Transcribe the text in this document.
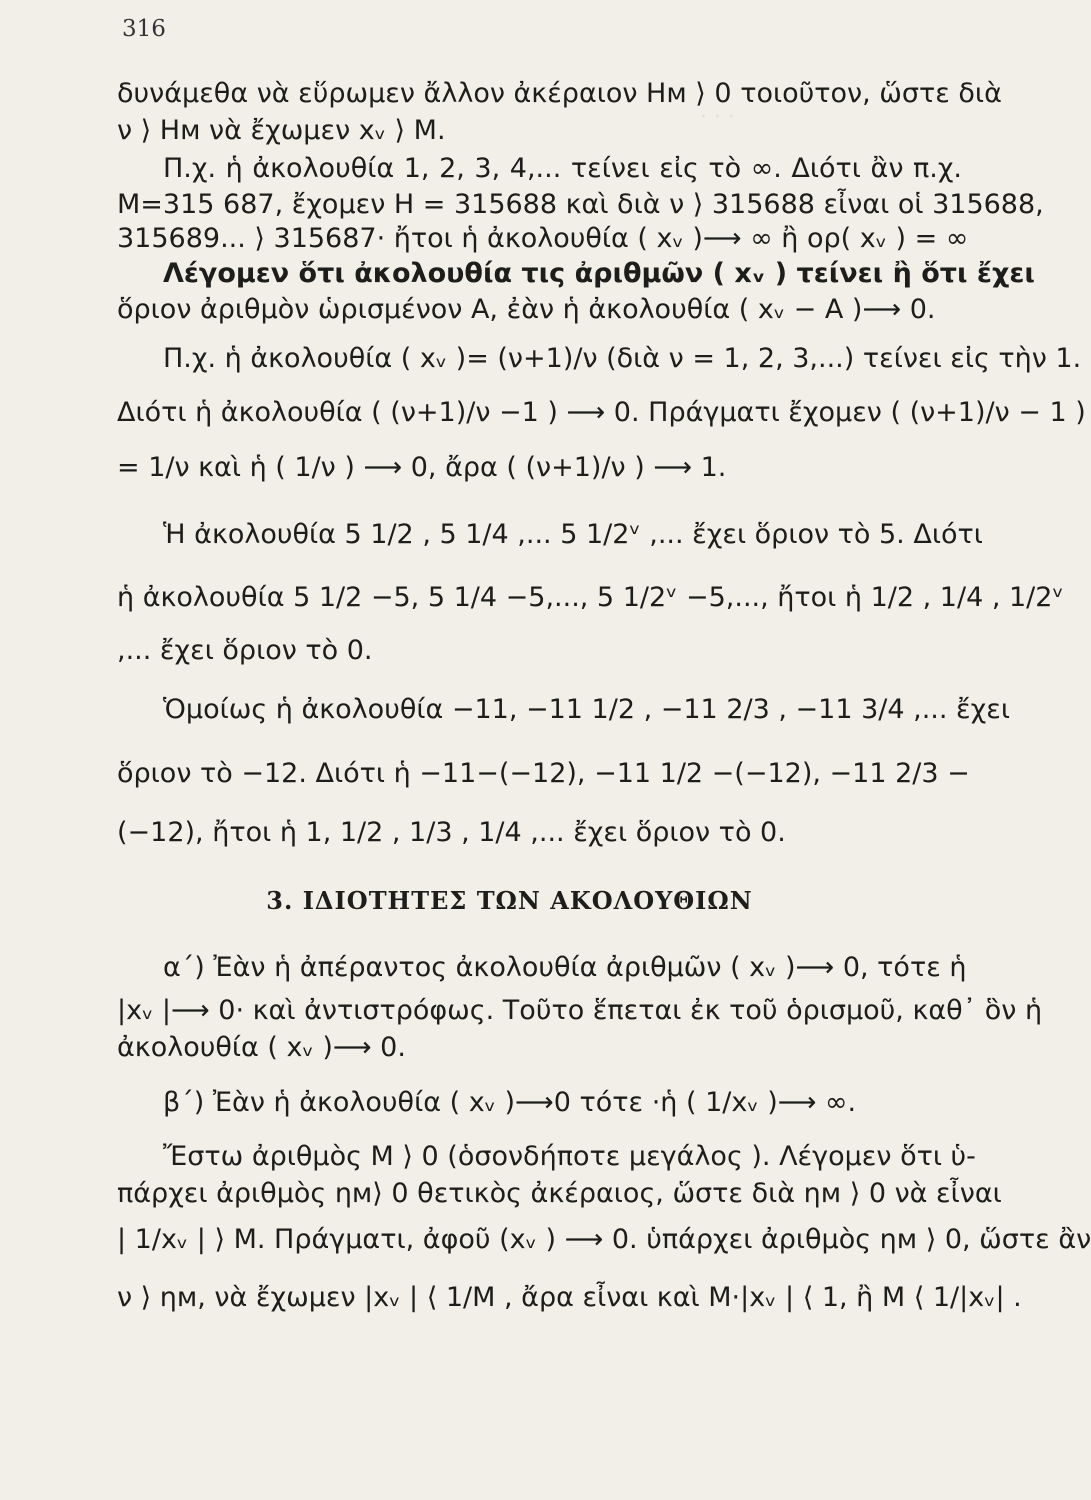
· · ·
316

δυνάμεθα νὰ εὕρωμεν ἄλλον ἀκέραιον Hᴍ ⟩ 0 τοιοῦτον, ὥστε διὰ

ν ⟩ Hᴍ νὰ ἔχωμεν xᵥ ⟩ M.

Π.χ. ἡ ἀκολουθία 1, 2, 3, 4,... τείνει εἰς τὸ ∞. Διότι ἂν π.χ.

M=315 687, ἔχομεν H = 315688 καὶ διὰ ν ⟩ 315688 εἶναι οἱ 315688,

315689... ⟩ 315687· ἤτοι ἡ ἀκολουθία ( xᵥ )⟶ ∞ ἢ ορ( xᵥ ) = ∞

Λέγομεν ὅτι ἀκολουθία τις ἀριθμῶν ( xᵥ ) τείνει ἢ ὅτι ἔχει

ὅριον ἀριθμὸν ὡρισμένον A, ἐὰν ἡ ἀκολουθία ( xᵥ − A )⟶ 0.

Π.χ. ἡ ἀκολουθία ( xᵥ )= (ν+1)/ν (διὰ ν = 1, 2, 3,...) τείνει εἰς τὴν 1.

Διότι ἡ ἀκολουθία ( (ν+1)/ν −1 ) ⟶ 0. Πράγματι ἔχομεν ( (ν+1)/ν − 1 )

= 1/ν καὶ ἡ ( 1/ν ) ⟶ 0, ἄρα ( (ν+1)/ν ) ⟶ 1.

Ἡ ἀκολουθία 5 1/2 , 5 1/4 ,... 5 1/2ᵛ ,... ἔχει ὅριον τὸ 5. Διότι

ἡ ἀκολουθία 5 1/2 −5, 5 1/4 −5,..., 5 1/2ᵛ −5,..., ἤτοι ἡ 1/2 , 1/4 , 1/2ᵛ

,... ἔχει ὅριον τὸ 0.

Ὁμοίως ἡ ἀκολουθία −11, −11 1/2 , −11 2/3 , −11 3/4 ,... ἔχει

ὅριον τὸ −12. Διότι ἡ −11−(−12), −11 1/2 −(−12), −11 2/3 −

(−12), ἤτοι ἡ 1, 1/2 , 1/3 , 1/4 ,... ἔχει ὅριον τὸ 0.

3. ΙΔΙΟΤΗΤΕΣ ΤΩΝ ΑΚΟΛΟΥΘΙΩΝ

α΄) Ἐὰν ἡ ἀπέραντος ἀκολουθία ἀριθμῶν ( xᵥ )⟶ 0, τότε ἡ

|xᵥ |⟶ 0· καὶ ἀντιστρόφως. Τοῦτο ἕπεται ἐκ τοῦ ὁρισμοῦ, καθ᾽ ὃν ἡ

ἀκολουθία ( xᵥ )⟶ 0.

β΄) Ἐὰν ἡ ἀκολουθία ( xᵥ )⟶0 τότε ·ἡ ( 1/xᵥ )⟶ ∞.

Ἔστω ἀριθμὸς M ⟩ 0 (ὁσονδήποτε μεγάλος ). Λέγομεν ὅτι ὑ-

πάρχει ἀριθμὸς ηᴍ⟩ 0 θετικὸς ἀκέραιος, ὥστε διὰ ηᴍ ⟩ 0 νὰ εἶναι

| 1/xᵥ | ⟩ M. Πράγματι, ἀφοῦ (xᵥ ) ⟶ 0. ὑπάρχει ἀριθμὸς ηᴍ ⟩ 0, ὥστε ἂν

ν ⟩ ηᴍ, νὰ ἔχωμεν |xᵥ | ⟨ 1/M , ἄρα εἶναι καὶ M·|xᵥ | ⟨ 1, ἢ M ⟨ 1/|xᵥ| .
